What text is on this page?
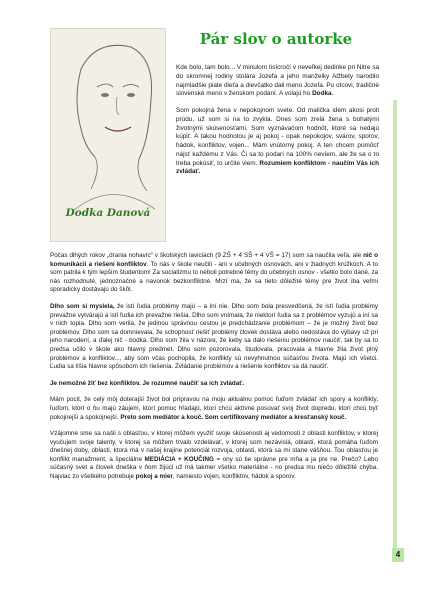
Dodka Danová
Pár slov o autorke

Kde bolo, tam bolo... V minulom tisícročí v neveľkej dedinke pri Nitre sa do skromnej rodiny stolára Jozefa a jeho manželky Alžbety narodilo najmladšie piate dieťa a dievčatko dali meno Jozefa. Po otcovi, tradičné slovenské meno v ženskom podaní. A volajú ho Dodka.

Som pokojná žena v nepokojnom svete. Od malička idem akosi proti prúdu, už som si na to zvykla. Dnes som zrelá žena s bohatými životnými skúsenosťami. Som vyznávačom hodnôt, ktoré sa nedajú kúpiť. A takou hodnotou je aj pokoj - opak nepokojov, svárov, sporov, hádok, konfliktov, vojen... Mám vnútorný pokoj. A ten chcem pomôcť nájsť každému z Vás. Či sa to podarí na 100% nevíem, ale že sa o to treba pokúsiť, to určite viem. Rozumiem konfliktom - naučím Vás ich zvládať.

Počas dlhých rokov „drania nohavíc“ v školských laviciach (9 ZŠ + 4 SŠ + 4 VŠ = 17) som sa naučila veľa, ale nič o komunikácii a riešení konfliktov. To nás v škole neučili - ani v učebných osnovách, ani v žiadnych krúžkoch. A to som patrila k tým lepším študentom! Za socializmu to neboli potrebné témy do učebných osnov - všetko bolo dané, za nás rozhodnuté, jednoznačné a navonok bezkonfliktné. Mrzí ma, že sa tieto dôležité témy pre život iba veľmi sporadicky dostávajú do škôl.

Dlho som si myslela, že istí ľudia problémy majú – a iní nie. Dlho som bola presvedčená, že istí ľudia problémy prevažne vytvárajú a istí ľudia ich prevažne riešia. Dlho som vnímala, že niektorí ľudia sa z problémov vyzujú a iní sa v nich topia. Dlho som verila, že jedinou správnou cestou je predchádzanie problémom – že je možný život bez problémov. Dlho som sa domnievala, že schopnosť riešiť problémy človek dostáva alebo nedostáva do výbavy už pri jeho narodení, a ďalej nič - bodka. Dlho som žila v názore, že keby sa dalo riešeniu problémov naučiť, tak by sa to predsa učilo v škole ako hlavný predmet. Dlho som pozorovala, študovala, pracovala a hlavne žila život plný problémov a konfliktov..., aby som včas pochopila, že konflikty sú nevyhnutnou súčasťou života. Majú ich všetci. Ľudia sa líšia hlavne spôsobom ich riešenia. Zvládanie problémov a riešenie konfliktov sa dá naučiť.

Je nemožné žiť bez konfliktov. Je rozumné naučiť sa ich zvládať.

Mám pocit, že celý môj doterajší život bol prípravou na moju aktuálnu pomoc ľuďom zvládať ich spory a konflikty, ľuďom, ktorí o ňu majú záujem, ktorí pomoc hľadajú, ktorí chcú aktívne posúvať svoj život dopredu, ktorí chcú byť pokojnejší a spokojnejší. Preto som mediátor a kouč. Som certifikovaný mediátor a kresťanský kouč.

Vzájomne sme sa našli s oblasťou, v ktorej môžem využiť svoje skúsenosti aj vedomosti z oblasti konfliktov, v ktorej vyučujem svoje talenty, v ktorej sa môžem trvalo vzdelávať, v ktorej som nezávislá, oblasti, ktorá pomáha ľuďom dnešnej doby, oblasti, ktorá má v našej krajine potenciál rozvoja, oblasti, ktorá sa mi stane vášňou. Tou oblasťou je konflikt manažment, a špeciálne MEDIÁCIA + KOUČING = ony sú tie správne pre mňa a ja pre ne. Prečo? Lebo súčasný svet a človek dneška v ňom žijúci už má takmer všetko materiálne - no predsa mu niečo dôležité chýba. Najviac zo všetkého potrebuje pokoj a mier, namiesto vojen, konfliktov, hádok a sporov.

4
